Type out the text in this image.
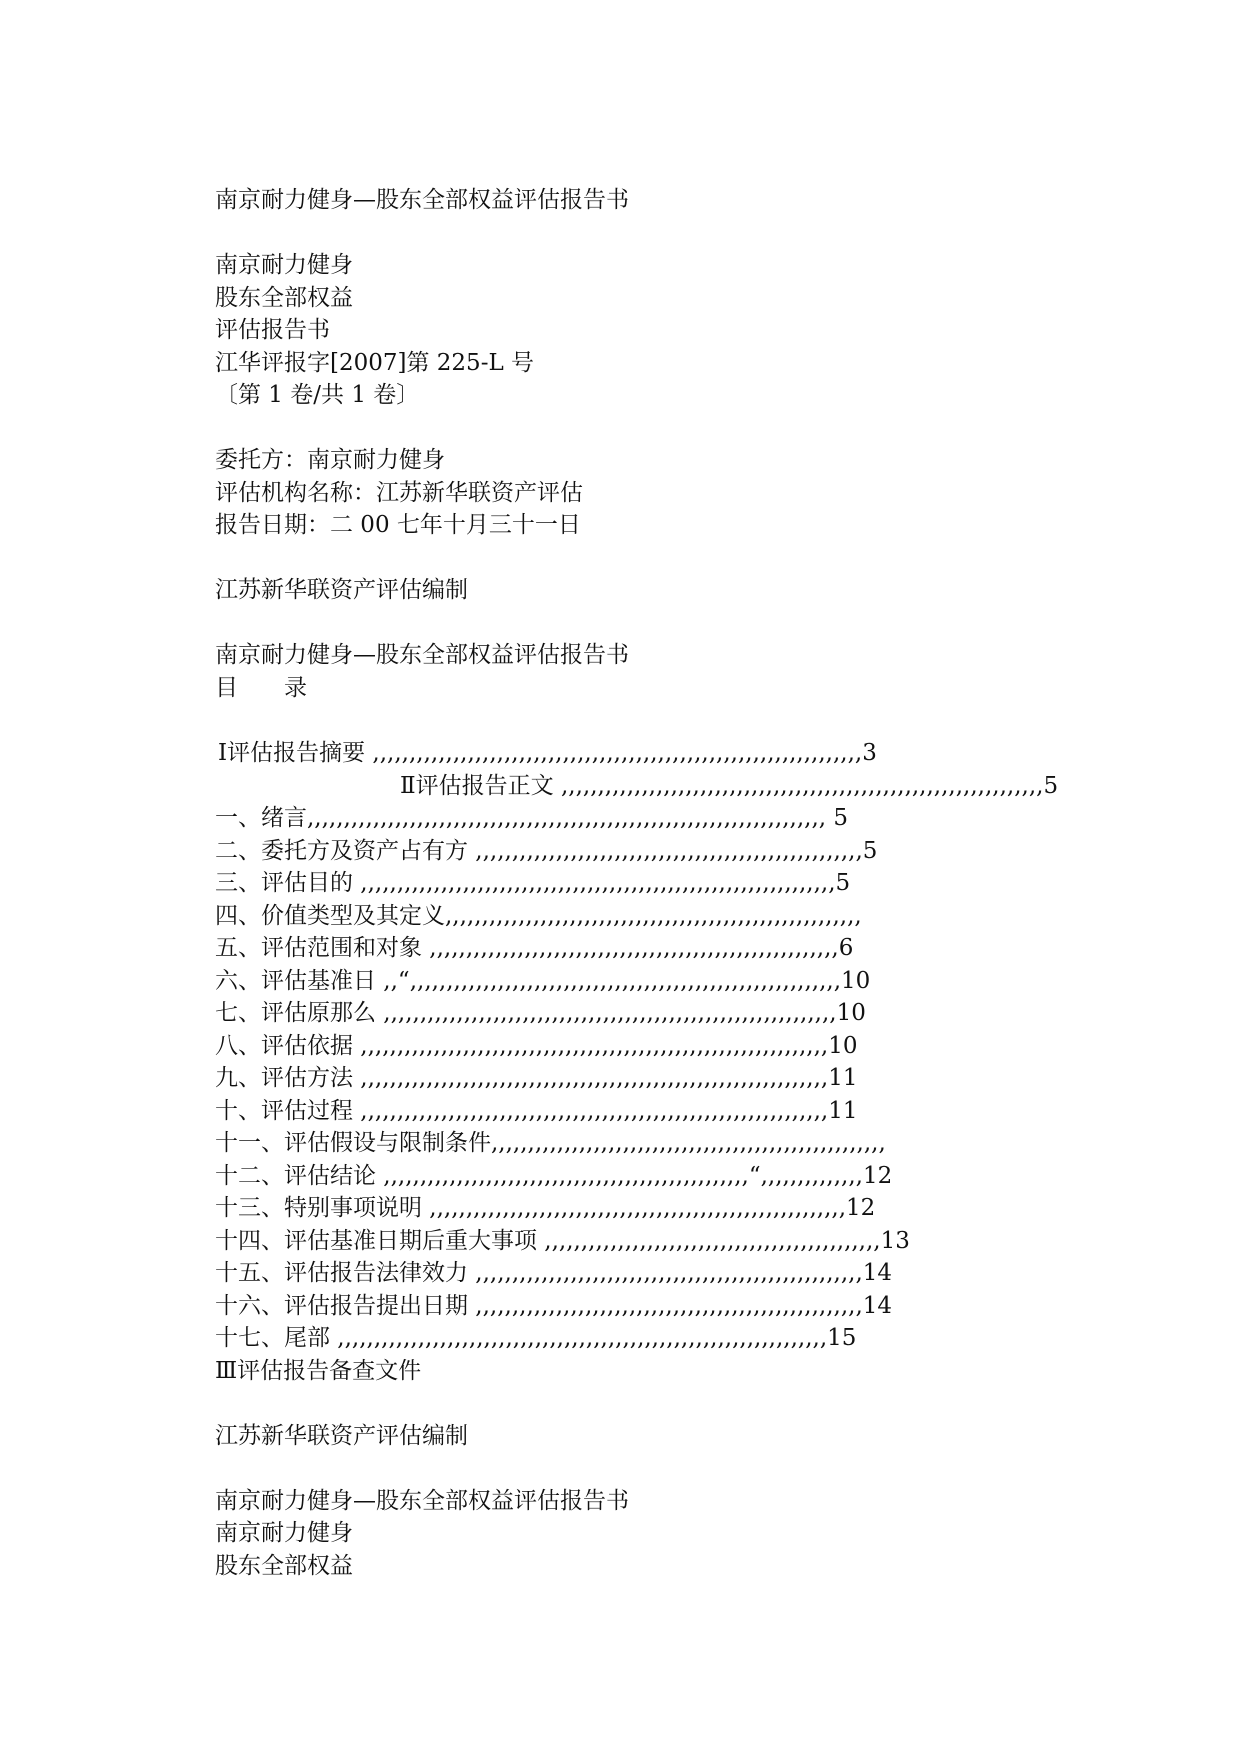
南京耐力健身—股东全部权益评估报告书
南京耐力健身
股东全部权益
评估报告书
江华评报字[2007]第 225-L 号
〔第 1 卷/共 1 卷〕
委托方：南京耐力健身
评估机构名称：江苏新华联资产评估
报告日期：二 00 七年十月三十一日
江苏新华联资产评估编制
南京耐力健身—股东全部权益评估报告书
目　　录
Ⅰ评估报告摘要 ,,,,,,,,,,,,,,,,,,,,,,,,,,,,,,,,,,,,,,,,,,,,,,,,,,,,,,,,,,,,,,,,,,,3Ⅱ评估报告正文 ,,,,,,,,,,,,,,,,,,,,,,,,,,,,,,,,,,,,,,,,,,,,,,,,,,,,,,,,,,,,,,,,,,5
一、绪言,,,,,,,,,,,,,,,,,,,,,,,,,,,,,,,,,,,,,,,,,,,,,,,,,,,,,,,,,,,,,,,,,,,,,,, 5
二、委托方及资产占有方 ,,,,,,,,,,,,,,,,,,,,,,,,,,,,,,,,,,,,,,,,,,,,,,,,,,,,,5
三、评估目的 ,,,,,,,,,,,,,,,,,,,,,,,,,,,,,,,,,,,,,,,,,,,,,,,,,,,,,,,,,,,,,,,,,5
四、价值类型及其定义,,,,,,,,,,,,,,,,,,,,,,,,,,,,,,,,,,,,,,,,,,,,,,,,,,,,,,,,,
五、评估范围和对象 ,,,,,,,,,,,,,,,,,,,,,,,,,,,,,,,,,,,,,,,,,,,,,,,,,,,,,,,,6
六、评估基准日 ,,“,,,,,,,,,,,,,,,,,,,,,,,,,,,,,,,,,,,,,,,,,,,,,,,,,,,,,,,,,,,10
七、评估原那么 ,,,,,,,,,,,,,,,,,,,,,,,,,,,,,,,,,,,,,,,,,,,,,,,,,,,,,,,,,,,,,,10
八、评估依据 ,,,,,,,,,,,,,,,,,,,,,,,,,,,,,,,,,,,,,,,,,,,,,,,,,,,,,,,,,,,,,,,,10
九、评估方法 ,,,,,,,,,,,,,,,,,,,,,,,,,,,,,,,,,,,,,,,,,,,,,,,,,,,,,,,,,,,,,,,,11
十、评估过程 ,,,,,,,,,,,,,,,,,,,,,,,,,,,,,,,,,,,,,,,,,,,,,,,,,,,,,,,,,,,,,,,,11
十一、评估假设与限制条件,,,,,,,,,,,,,,,,,,,,,,,,,,,,,,,,,,,,,,,,,,,,,,,,,,,,,,
十二、评估结论 ,,,,,,,,,,,,,,,,,,,,,,,,,,,,,,,,,,,,,,,,,,,,,,,,,,“,,,,,,,,,,,,,,12
十三、特别事项说明 ,,,,,,,,,,,,,,,,,,,,,,,,,,,,,,,,,,,,,,,,,,,,,,,,,,,,,,,,,12
十四、评估基准日期后重大事项 ,,,,,,,,,,,,,,,,,,,,,,,,,,,,,,,,,,,,,,,,,,,,,,13
十五、评估报告法律效力 ,,,,,,,,,,,,,,,,,,,,,,,,,,,,,,,,,,,,,,,,,,,,,,,,,,,,,14
十六、评估报告提出日期 ,,,,,,,,,,,,,,,,,,,,,,,,,,,,,,,,,,,,,,,,,,,,,,,,,,,,,14
十七、尾部 ,,,,,,,,,,,,,,,,,,,,,,,,,,,,,,,,,,,,,,,,,,,,,,,,,,,,,,,,,,,,,,,,,,,15
Ⅲ评估报告备查文件
江苏新华联资产评估编制
南京耐力健身—股东全部权益评估报告书
南京耐力健身
股东全部权益
